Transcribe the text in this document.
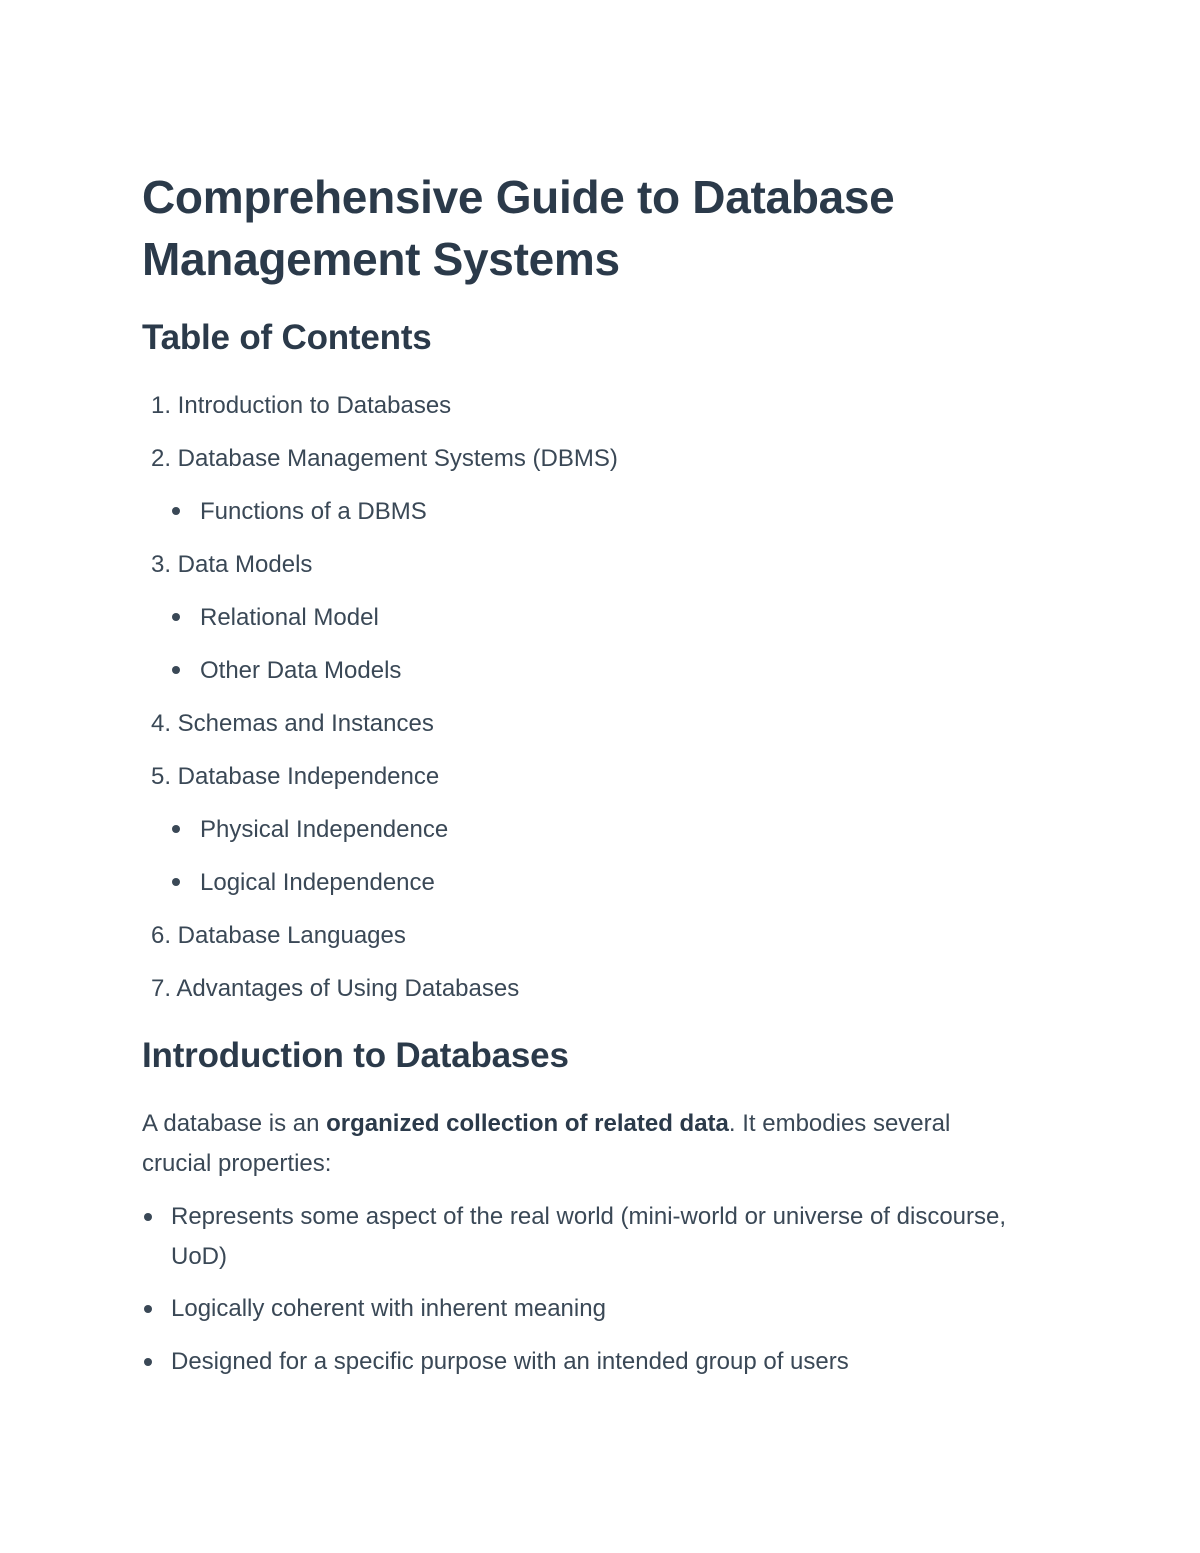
Comprehensive Guide to Database Management Systems
Table of Contents
1. Introduction to Databases
2. Database Management Systems (DBMS)
Functions of a DBMS
3. Data Models
Relational Model
Other Data Models
4. Schemas and Instances
5. Database Independence
Physical Independence
Logical Independence
6. Database Languages
7. Advantages of Using Databases
Introduction to Databases

A database is an organized collection of related data. It embodies several crucial properties:

Represents some aspect of the real world (mini-world or universe of discourse, UoD)
Logically coherent with inherent meaning
Designed for a specific purpose with an intended group of users
